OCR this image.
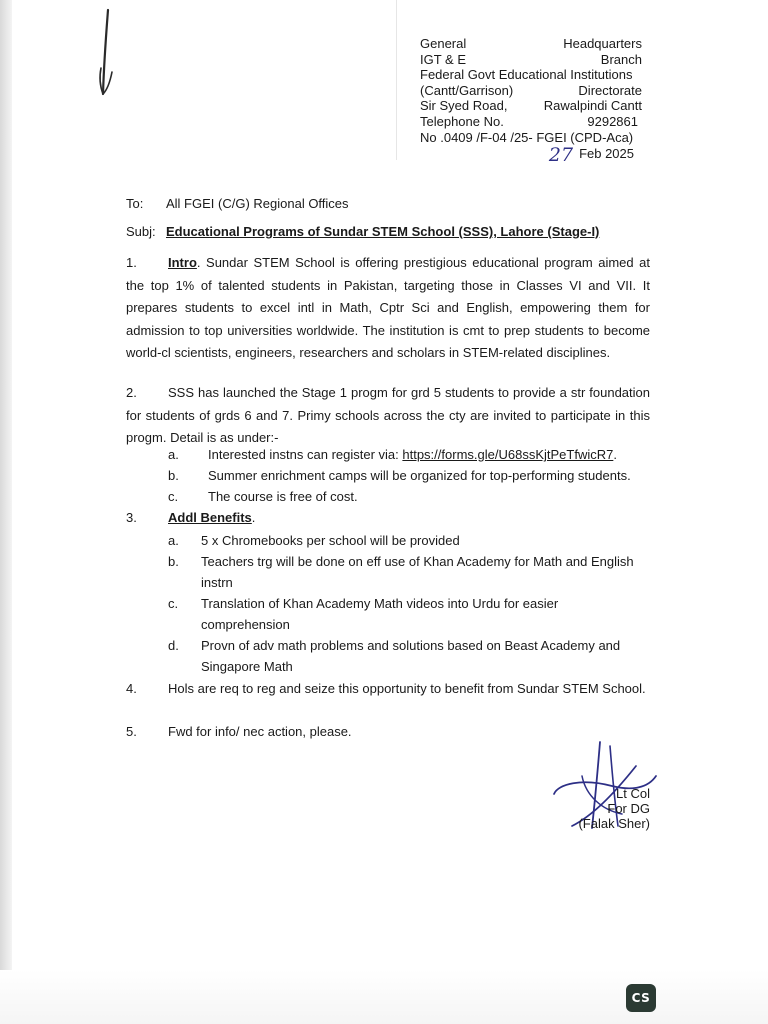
General	Headquarters
IGT & E	Branch
Federal Govt Educational Institutions
(Cantt/Garrison)	Directorate
Sir Syed Road,	Rawalpindi Cantt
Telephone No.	9292861
No .0409 /F-04 /25- FGEI (CPD-Aca)
27 Feb 2025
To: All FGEI (C/G) Regional Offices
Subj: Educational Programs of Sundar STEM School (SSS), Lahore (Stage-I)
1. Intro. Sundar STEM School is offering prestigious educational program aimed at the top 1% of talented students in Pakistan, targeting those in Classes VI and VII. It prepares students to excel intl in Math, Cptr Sci and English, empowering them for admission to top universities worldwide. The institution is cmt to prep students to become world-cl scientists, engineers, researchers and scholars in STEM-related disciplines.
2. SSS has launched the Stage 1 progm for grd 5 students to provide a str foundation for students of grds 6 and 7. Primy schools across the cty are invited to participate in this progm. Detail is as under:-
a.	Interested instns can register via: https://forms.gle/U68ssKjtPeTfwicR7.
b.	Summer enrichment camps will be organized for top-performing students.
c.	The course is free of cost.
3. Addl Benefits.
a.	5 x Chromebooks per school will be provided
b.	Teachers trg will be done on eff use of Khan Academy for Math and English instrn
c.	Translation of Khan Academy Math videos into Urdu for easier comprehension
d.	Provn of adv math problems and solutions based on Beast Academy and Singapore Math
4. Hols are req to reg and seize this opportunity to benefit from Sundar STEM School.
5. Fwd for info/ nec action, please.
Lt Col
For DG
(Falak Sher)
CS
